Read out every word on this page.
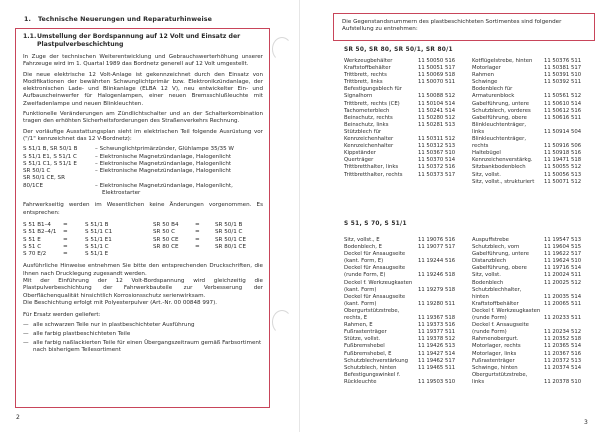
1. Technische Neuerungen und Reparaturhinweise
1.1. Umstellung der Bordspannung auf 12 Volt und Einsatz der Plastpulverbeschichtung

In Zuge der technischen Weiterentwicklung und Gebrauchswerterhöhung unserer Fahrzeuge wird im 1. Quartal 1989 das Bordnetz generell auf 12 Volt umgestellt.

Die neue elektrische 12 Volt-Anlage ist gekennzeichnet durch den Einsatz von Modifikationen der bewährten Schwunglichtprimär bzw. Elektronikzündanlage, der elektronischen Lade- und Blinkanlage (ELBA 12 V), neu entwickelter Ein- und Aufbauscheinwerfer für Halogenlampen, einer neuen Bremsschlußleuchte mit Zweifadenlampe und neuen Blinkleuchten.

Funktionelle Veränderungen am Zündlichtschalter und an der Schalterkombination tragen den erhöhten Sicherheitsforderungen des Straßenverkehrs Rechnung.

Der vorläufige Ausstattungsplan sieht im elektrischen Teil folgende Ausrüstung vor ("/1" kennzeichnet das 12 V-Bordnetz):

S 51/1 B, SR 50/1 B	– Schwunglichtprimärzünder, Glühlampe 35/35 W
S 51/1 E1, S 51/1 C	– Elektronische Magnetzündanlage, Halogenlicht
S 51/1 C1, S 51/1 E	– Elektronische Magnetzündanlage, Halogenlicht
SR 50/1 C	– Elektronische Magnetzündanlage, Halogenlicht
SR 50/1 CE, SR
80/1CE	– Elektronische Magnetzündanlage, Halogenlicht,
Elektrostarter

Fahrwerkseitig werden im Wesentlichen keine Änderungen vorgenommen. Es entsprechen:

S 51 B1–4	=	S 51/1 B	SR 50 B4	=	SR 50/1 B
S 51 B2–4/1	=	S 51/1 C1	SR 50 C	=	SR 50/1 C
S 51 E	=	S 51/1 E1	SR 50 CE	=	SR 50/1 CE
S 51 C	=	S 51/1 C	SR 80 CE	=	SR 80/1 CE
S 70 E/2	=	S 51/1 E

Ausführliche Hinweise entnehmen Sie bitte den entsprechenden Druckschriften, die Ihnen nach Drucklegung zugesandt werden.

Mit der Einführung der 12 Volt-Bordspannung wird gleichzeitig die Plastpulverbeschichtung der Fahrwerkbauteile zur Verbesserung der Oberflächenqualität hinsichtlich Korrosionsschutz serienwirksam.

Die Beschichtung erfolgt mit Polyesterpulver (Art.-Nr. 00 00848 997).

Für Ersatz werden geliefert:
— alle schwarzen Teile nur in plastbeschichteter Ausführung
— alle farbig plastbeschichteten Teile
— alle farbig naßlackierten Teile für einen Übergangszeitraum gemäß Farbsortiment nach bisherigem Teilesortiment
2
Die Gegenstandsnummern des plastbeschichteten Sortimentes sind folgender Aufstellung zu entnehmen:
SR 50, SR 80, SR 50/1, SR 80/1
Werkzeugbehälter	11 50050 516
Kraftstoffbehälter	11 50051 517
Trittbrett, rechts	11 50069 518
Trittbrett, links	11 50070 511
Befestigungsblech für
Signalhorn	11 50088 512
Trittbrett, rechts (CE)	11 50104 514
Tachometerblech	11 50241 514
Beinschutz, rechts	11 50280 512
Beinschutz, links	11 50281 513
Stützblech für
Kennzeichenhalter	11 50311 512
Kennzeichenhalter	11 50312 513
Kippständer	11 50367 510
Querträger	11 50370 514
Trittbretthalter, links	11 50372 516
Trittbretthalter, rechts	11 50373 517
Kotflügelstrebe, hinten	11 50376 511
Motorlager	11 50381 517
Rahmen	11 50391 510
Schwinge	11 50392 511
Bodenblech für
Armaturenblock	11 50561 512
Gabelführung, untere	11 50610 514
Schutzblech, vorderes	11 50612 516
Gabelführung, obere	11 50616 511
Blinkleuchtenträger,
links	11 50914 504
Blinkleuchtenträger,
rechts	11 50916 506
Haltebügel	11 50918 516
Kennzeichenverstärkg.	11 19471 518
Sitzbankbodenblech	11 50055 512
Sitz, vollst.	11 50056 513
Sitz, vollst., strukturiert	11 50071 512
S 51, S 70, S 51/1
Sitz, vollst., E	11 19076 516
Bodenblech, E	11 19077 517
Deckel für Ansaugseite
(kant. Form, E)	11 19244 516
Deckel für Ansaugseite
(runde Form, E)	11 19246 518
Deckel f. Werkzeugkasten
(kant. Form)	11 19279 518
Deckel für Ansaugseite
(kant. Form)	11 19280 511
Obergurtstützstrebe,
rechts, E	11 19367 518
Rahmen, E	11 19373 516
Fußrastenträger	11 19377 511
Stütze, vollst.	11 19378 512
Fußbremshebel	11 19426 513
Fußbremshebel, E	11 19427 514
Schutzblechverstärkung	11 19462 517
Schutzblech, hinten	11 19465 511
Befestigungswinkel f.
Rückleuchte	11 19503 510
Auspuffstrebe	11 19547 513
Schutzblech, vorn	11 19604 515
Gabelführung, untere	11 19622 517
Distanzblech	11 19624 510
Gabelführung, obere	11 19716 514
Sitz, vollst.	11 20024 511
Bodenblech	11 20025 512
Schutzblechhalter,
hinten	11 20035 514
Kraftstoffbehälter	11 20065 511
Deckel f. Werkzeugkasten
(runde Form)	11 20233 511
Deckel f. Ansaugseite
(runde Form)	11 20234 512
Rahmenobergurt.	11 20352 518
Motorlager, rechts	11 20365 514
Motorlager, links	11 20367 516
Fußrastenträger	11 20372 513
Schwinge, hinten	11 20374 514
Obergurtstützstrebe,
links	11 20378 510
3
